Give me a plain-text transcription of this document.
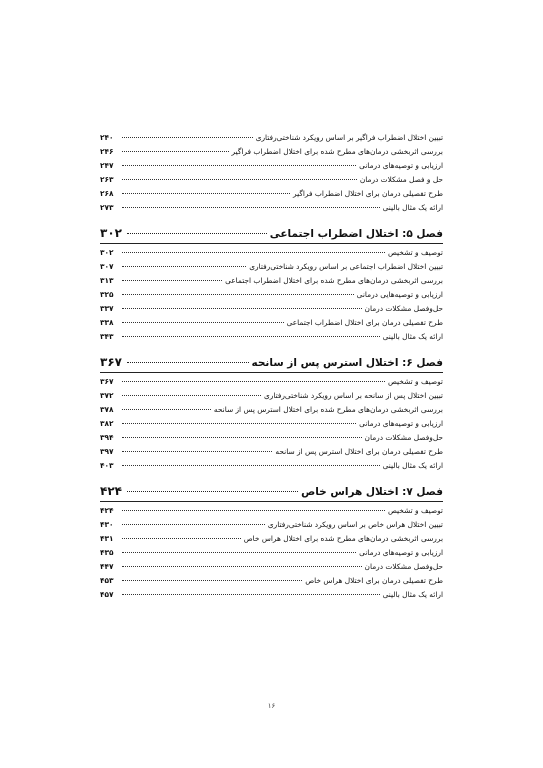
تبیین اختلال اضطراب فراگیر بر اساس رویکرد شناختی‌رفتاری
۲۴۰
بررسی اثربخشی درمان‌های مطرح شده برای اختلال اضطراب فراگیر
۲۴۶
ارزیابی و توصیه‌های درمانی
۲۴۷
حل و فصل مشکلات درمان
۲۶۳
طرح تفصیلی درمان برای اختلال اضطراب فراگیر
۲۶۸
ارائه یک مثال بالینی
۲۷۳
فصل ۵: اختلال اضطراب اجتماعی
۳۰۲
توصیف و تشخیص
۳۰۲
تبیین اختلال اضطراب اجتماعی بر اساس رویکرد شناختی‌رفتاری
۳۰۷
بررسی اثربخشی درمان‌های مطرح شده برای اختلال اضطراب اجتماعی
۳۱۳
ارزیابی و توصیه‌هایی درمانی
۳۲۵
حل‌وفصل مشکلات درمان
۳۳۷
طرح تفصیلی درمان برای اختلال اضطراب اجتماعی
۳۳۸
ارائه یک مثال بالینی
۳۴۳
فصل ۶: اختلال استرس پس از سانحه
۳۶۷
توصیف و تشخیص
۳۶۷
تبیین اختلال پس از سانحه بر اساس رویکرد شناختی‌رفتاری
۳۷۲
بررسی اثربخشی درمان‌های مطرح شده برای اختلال استرس پس از سانحه
۳۷۸
ارزیابی و توصیه‌های درمانی
۳۸۲
حل‌وفصل مشکلات درمان
۳۹۴
طرح تفصیلی درمان برای اختلال استرس پس از سانحه
۳۹۷
ارائه یک مثال بالینی
۴۰۳
فصل ۷: اختلال هراس خاص
۴۲۴
توصیف و تشخیص
۴۲۴
تبیین اختلال هراس خاص بر اساس رویکرد شناختی‌رفتاری
۴۳۰
بررسی اثربخشی درمان‌های مطرح شده برای اختلال هراس خاص
۴۳۱
ارزیابی و توصیه‌های درمانی
۴۳۵
حل‌وفصل مشکلات درمان
۴۴۷
طرح تفصیلی درمان برای اختلال هراس خاص
۴۵۳
ارائه یک مثال بالینی
۴۵۷
۱۶
